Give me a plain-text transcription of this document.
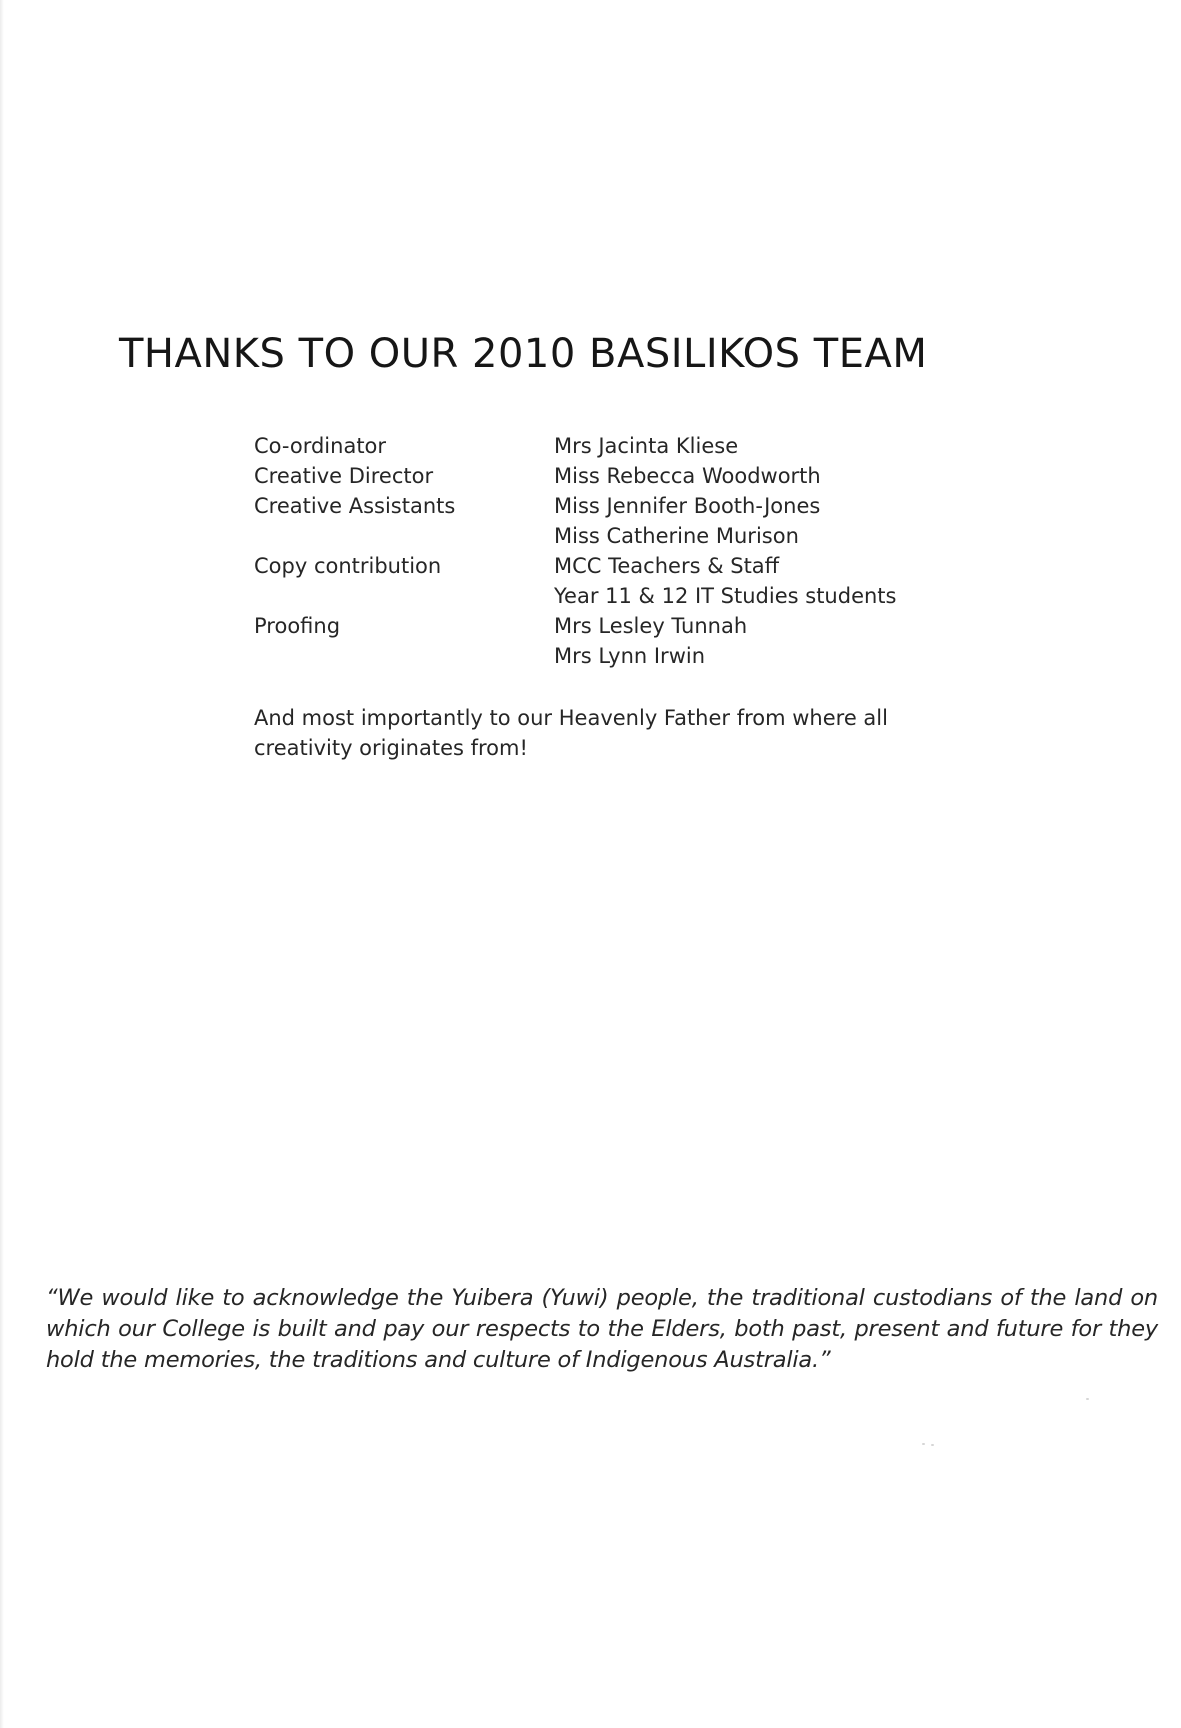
THANKS TO OUR 2010 BASILIKOS TEAM
Co-ordinator	Mrs Jacinta Kliese
Creative Director	Miss Rebecca Woodworth
Creative Assistants	Miss Jennifer Booth-Jones
Miss Catherine Murison
Copy contribution	MCC Teachers & Staff
Year 11 & 12 IT Studies students
Proofing	Mrs Lesley Tunnah
Mrs Lynn Irwin

And most importantly to our Heavenly Father from where all creativity originates from!

“We would like to acknowledge the Yuibera (Yuwi) people, the traditional custodians of the land on which our College is built and pay our respects to the Elders, both past, present and future for they hold the memories, the traditions and culture of Indigenous Australia.”
